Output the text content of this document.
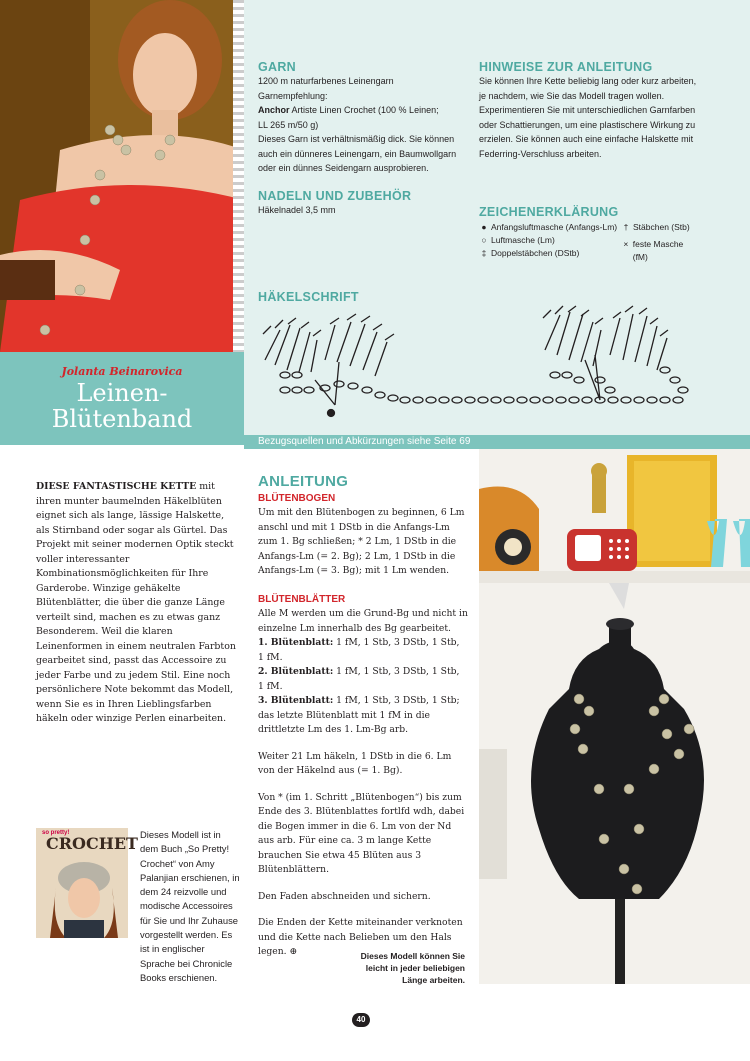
Jolanta Beinarovica
Leinen-
Blütenband
GARN
1200 m naturfarbenes Leinengarn
Garnempfehlung:
Anchor Artiste Linen Crochet (100 % Leinen;
LL 265 m/50 g)
Dieses Garn ist verhältnismäßig dick. Sie können auch ein dünneres Leinengarn, ein Baumwollgarn oder ein dünnes Seidengarn ausprobieren.
NADELN UND ZUBEHÖR
Häkelnadel 3,5 mm
HINWEISE ZUR ANLEITUNG
Sie können Ihre Kette beliebig lang oder kurz arbeiten, je nachdem, wie Sie das Modell tragen wollen.
Experimentieren Sie mit unterschiedlichen Garnfarben oder Schattierungen, um eine plastischere Wirkung zu erzielen. Sie können auch eine einfache Halskette mit Federring-Verschluss arbeiten.
ZEICHENERKLÄRUNG
● Anfangsluftmasche (Anfangs-Lm)
○ Luftmasche (Lm)
‡ Doppelstäbchen (DStb)
† Stäbchen (Stb)
× feste Masche (fM)
HÄKELSCHRIFT
Bezugsquellen und Abkürzungen siehe Seite 69
DIESE FANTASTISCHE KETTE mit ihren munter baumelnden Häkelblüten eignet sich als lange, lässige Halskette, als Stirnband oder sogar als Gürtel. Das Projekt mit seiner modernen Optik steckt voller interessanter Kombinationsmöglichkeiten für Ihre Garderobe. Winzige gehäkelte Blütenblätter, die über die ganze Länge verteilt sind, machen es zu etwas ganz Besonderem. Weil die klaren Leinenformen in einem neutralen Farbton gearbeitet sind, passt das Accessoire zu jeder Farbe und zu jedem Stil. Eine noch persönlichere Note bekommt das Modell, wenn Sie es in Ihren Lieblingsfarben häkeln oder winzige Perlen einarbeiten.
so pretty!
CROCHET Dieses Modell ist in dem Buch „So Pretty! Crochet“ von Amy Palanjian erschienen, in dem 24 reizvolle und modische Accessoires für Sie und Ihr Zuhause vorgestellt werden. Es ist in englischer Sprache bei Chronicle Books erschienen.
ANLEITUNG
BLÜTENBOGEN

Um mit den Blütenbogen zu beginnen, 6 Lm anschl und mit 1 DStb in die Anfangs-Lm zum 1. Bg schließen; * 2 Lm, 1 DStb in die Anfangs-Lm (= 2. Bg); 2 Lm, 1 DStb in die Anfangs-Lm (= 3. Bg); mit 1 Lm wenden.

BLÜTENBLÄTTER

Alle M werden um die Grund-Bg und nicht in einzelne Lm innerhalb des Bg gearbeitet.

1. Blütenblatt: 1 fM, 1 Stb, 3 DStb, 1 Stb, 1 fM.

2. Blütenblatt: 1 fM, 1 Stb, 3 DStb, 1 Stb, 1 fM.

3. Blütenblatt: 1 fM, 1 Stb, 3 DStb, 1 Stb; das letzte Blütenblatt mit 1 fM in die drittletzte Lm des 1. Lm-Bg arb.

Weiter 21 Lm häkeln, 1 DStb in die 6. Lm von der Häkelnd aus (= 1. Bg).

Von * (im 1. Schritt „Blütenbogen“) bis zum Ende des 3. Blütenblattes fortlfd wdh, dabei die Bogen immer in die 6. Lm von der Nd aus arb. Für eine ca. 3 m lange Kette brauchen Sie etwa 45 Blüten aus 3 Blütenblättern.

Den Faden abschneiden und sichern.

Die Enden der Kette miteinander verknoten und die Kette nach Belieben um den Hals legen. ⊕	Dieses Modell können Sie leicht in jeder beliebigen Länge arbeiten.
40
